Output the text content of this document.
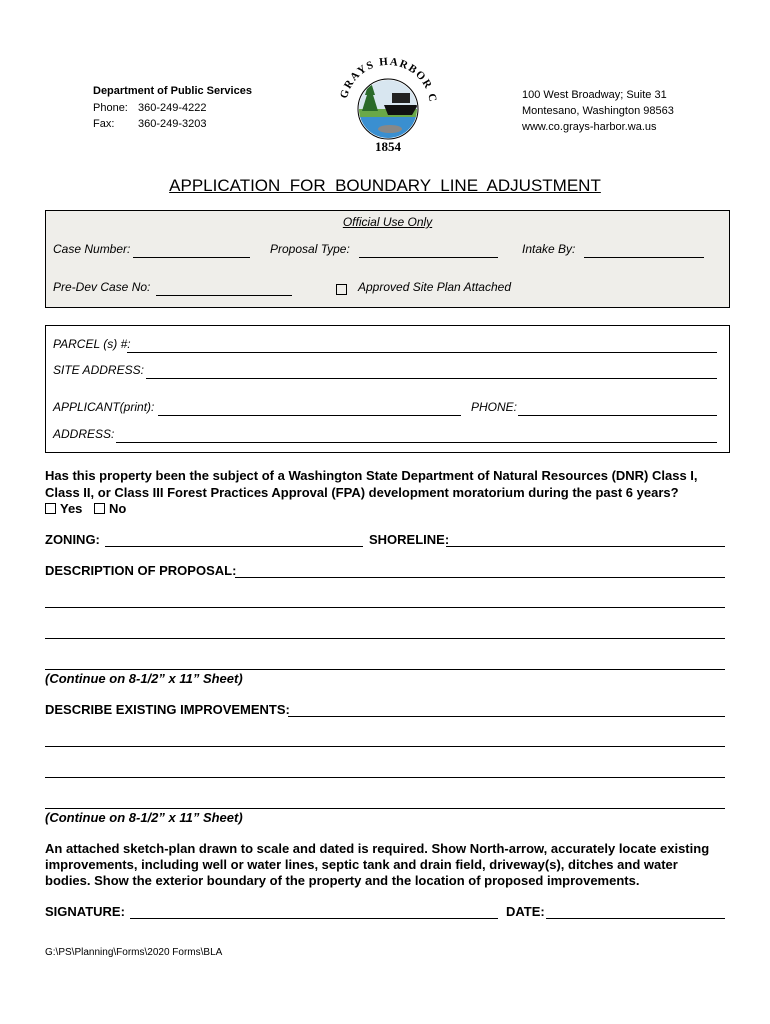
Department of Public Services
Phone: 360-249-4222
Fax: 360-249-3203
GRAYS HARBOR C
1854
100 West Broadway; Suite 31
Montesano, Washington 98563
www.co.grays-harbor.wa.us
APPLICATION  FOR  BOUNDARY  LINE  ADJUSTMENT
Official Use Only
Case Number:	Proposal Type:	Intake By:
Pre-Dev Case No:	Approved Site Plan Attached
PARCEL (s) #:
SITE ADDRESS:
APPLICANT(print):	PHONE:
ADDRESS:
Has this property been the subject of a Washington State Department of Natural Resources (DNR) Class I,
Class II, or Class III Forest Practices Approval (FPA) development moratorium during the past 6 years?
Yes No
ZONING:	SHORELINE:
DESCRIPTION OF PROPOSAL:
(Continue on 8-1/2” x 11” Sheet)
DESCRIBE EXISTING IMPROVEMENTS:
(Continue on 8-1/2” x 11” Sheet)
An attached sketch-plan drawn to scale and dated is required. Show North-arrow, accurately locate existing
improvements, including well or water lines, septic tank and drain field, driveway(s), ditches and water
bodies. Show the exterior boundary of the property and the location of proposed improvements.
SIGNATURE:	DATE:
G:\PS\Planning\Forms\2020 Forms\BLA
